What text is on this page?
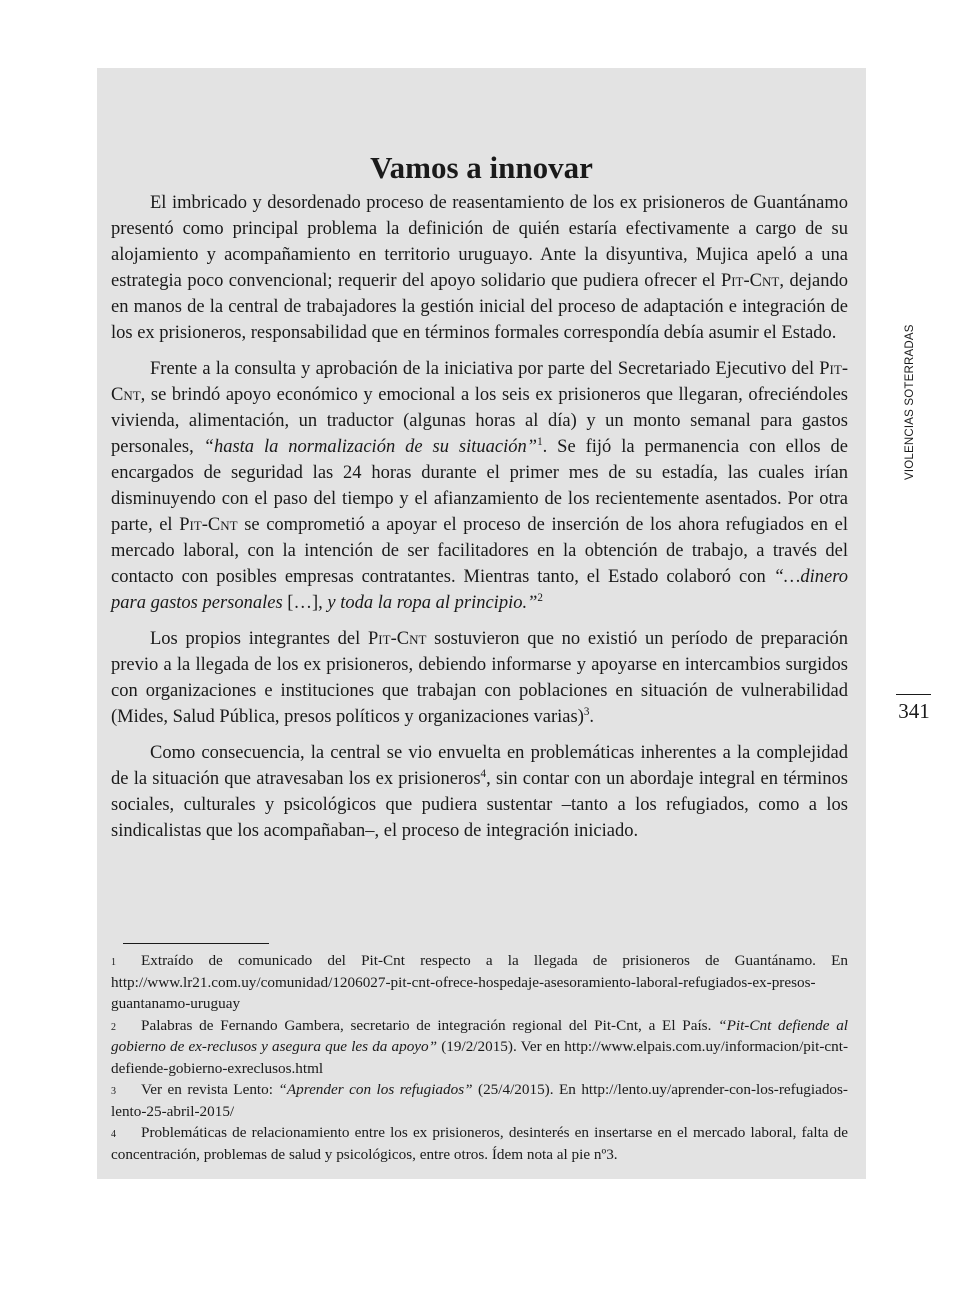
Vamos a innovar

El imbricado y desordenado proceso de reasentamiento de los ex prisioneros de Guantánamo presentó como principal problema la definición de quién estaría efectivamente a cargo de su alojamiento y acompañamiento en territorio uruguayo. Ante la disyuntiva, Mujica apeló a una estrategia poco convencional; requerir del apoyo solidario que pudiera ofrecer el Pit-Cnt, dejando en manos de la central de trabajadores la gestión inicial del proceso de adaptación e integración de los ex prisioneros, responsabilidad que en términos formales correspondía debía asumir el Estado.

Frente a la consulta y aprobación de la iniciativa por parte del Secretariado Ejecutivo del Pit-Cnt, se brindó apoyo económico y emocional a los seis ex prisioneros que llegaran, ofreciéndoles vivienda, alimentación, un traductor (algunas horas al día) y un monto semanal para gastos personales, “hasta la normalización de su situación”$^1$. Se fijó la permanencia con ellos de encargados de seguridad las 24 horas durante el primer mes de su estadía, las cuales irían disminuyendo con el paso del tiempo y el afianzamiento de los recientemente asentados. Por otra parte, el Pit-Cnt se comprometió a apoyar el proceso de inserción de los ahora refugiados en el mercado laboral, con la intención de ser facilitadores en la obtención de trabajo, a través del contacto con posibles empresas contratantes. Mientras tanto, el Estado colaboró con “…dinero para gastos personales […], y toda la ropa al principio.”$^2$

Los propios integrantes del Pit-Cnt sostuvieron que no existió un período de preparación previo a la llegada de los ex prisioneros, debiendo informarse y apoyarse en intercambios surgidos con organizaciones e instituciones que trabajan con poblaciones en situación de vulnerabilidad (Mides, Salud Pública, presos políticos y organizaciones varias)$^3$.

Como consecuencia, la central se vio envuelta en problemáticas inherentes a la complejidad de la situación que atravesaban los ex prisioneros$^4$, sin contar con un abordaje integral en términos sociales, culturales y psicológicos que pudiera sustentar –tanto a los refugiados, como a los sindicalistas que los acompañaban–, el proceso de integración iniciado.

1 Extraído de comunicado del Pit-Cnt respecto a la llegada de prisioneros de Guantánamo. En http://www.lr21.com.uy/comunidad/1206027-pit-cnt-ofrece-hospedaje-asesoramiento-laboral-refugiados-ex-presos-guantanamo-uruguay

2 Palabras de Fernando Gambera, secretario de integración regional del Pit-Cnt, a El País. “Pit-Cnt defiende al gobierno de ex-reclusos y asegura que les da apoyo” (19/2/2015). Ver en http://www.elpais.com.uy/informacion/pit-cnt-defiende-gobierno-exreclusos.html

3 Ver en revista Lento: “Aprender con los refugiados” (25/4/2015). En http://lento.uy/aprender-con-los-refugiados-lento-25-abril-2015/

4 Problemáticas de relacionamiento entre los ex prisioneros, desinterés en insertarse en el mercado laboral, falta de concentración, problemas de salud y psicológicos, entre otros. Ídem nota al pie nº3.

VIOLENCIAS SOTERRADAS
341
